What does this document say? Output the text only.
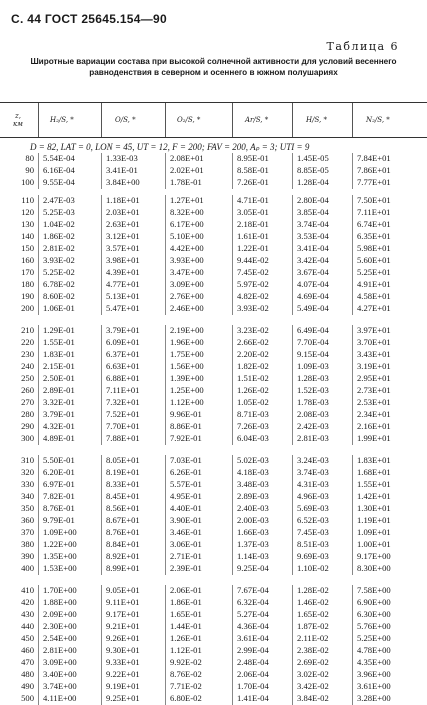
С. 44 ГОСТ 25645.154—90
Таблица 6
Широтные вариации состава при высокой солнечной активности для условий весеннего равноденствия в северном и осеннего в южном полушариях
z,
км	H₂/S, *	O/S, *	O₂/S, *	Ar/S, *	H/S, *	N₂/S, *
D = 82, LAT = 0, LON = 45, UT = 12, F = 200; FAV = 200, Aₚ = 3; UTI = 9
80 5.54E-04	1.33E-03	2.08E+01	8.95E-01	1.45E-05	7.84E+01
90 6.16E-04	3.41E-01	2.02E+01	8.58E-01	8.85E-05	7.86E+01
100 9.55E-04	3.84E+00	1.78E-01	7.26E-01	1.28E-04	7.77E+01
110 2.47E-03	1.18E+01	1.27E+01	4.71E-01	2.80E-04	7.50E+01
120 5.25E-03	2.03E+01	8.32E+00	3.05E-01	3.85E-04	7.11E+01
130 1.04E-02	2.63E+01	6.17E+00	2.18E-01	3.74E-04	6.74E+01
140 1.86E-02	3.12E+01	5.10E+00	1.61E-01	3.53E-04	6.35E+01
150 2.81E-02	3.57E+01	4.42E+00	1.22E-01	3.41E-04	5.98E+01
160 3.93E-02	3.98E+01	3.93E+00	9.44E-02	3.42E-04	5.60E+01
170 5.25E-02	4.39E+01	3.47E+00	7.45E-02	3.67E-04	5.25E+01
180 6.78E-02	4.77E+01	3.09E+00	5.97E-02	4.07E-04	4.91E+01
190 8.60E-02	5.13E+01	2.76E+00	4.82E-02	4.69E-04	4.58E+01
200 1.06E-01	5.47E+01	2.46E+00	3.93E-02	5.49E-04	4.27E+01
210 1.29E-01	3.79E+01	2.19E+00	3.23E-02	6.49E-04	3.97E+01
220 1.55E-01	6.09E+01	1.96E+00	2.66E-02	7.70E-04	3.70E+01
230 1.83E-01	6.37E+01	1.75E+00	2.20E-02	9.15E-04	3.43E+01
240 2.15E-01	6.63E+01	1.56E+00	1.82E-02	1.09E-03	3.19E+01
250 2.50E-01	6.88E+01	1.39E+00	1.51E-02	1.28E-03	2.95E+01
260 2.89E-01	7.11E+01	1.25E+00	1.26E-02	1.52E-03	2.73E+01
270 3.32E-01	7.32E+01	1.12E+00	1.05E-02	1.78E-03	2.53E+01
280 3.79E-01	7.52E+01	9.96E-01	8.71E-03	2.08E-03	2.34E+01
290 4.32E-01	7.70E+01	8.86E-01	7.26E-03	2.42E-03	2.16E+01
300 4.89E-01	7.88E+01	7.92E-01	6.04E-03	2.81E-03	1.99E+01
310 5.50E-01	8.05E+01	7.03E-01	5.02E-03	3.24E-03	1.83E+01
320 6.20E-01	8.19E+01	6.26E-01	4.18E-03	3.74E-03	1.68E+01
330 6.97E-01	8.33E+01	5.57E-01	3.48E-03	4.31E-03	1.55E+01
340 7.82E-01	8.45E+01	4.95E-01	2.89E-03	4.96E-03	1.42E+01
350 8.76E-01	8.56E+01	4.40E-01	2.40E-03	5.69E-03	1.30E+01
360 9.79E-01	8.67E+01	3.90E-01	2.00E-03	6.52E-03	1.19E+01
370 1.09E+00	8.76E+01	3.46E-01	1.66E-03	7.45E-03	1.09E+01
380 1.22E+00	8.84E+01	3.06E-01	1.37E-03	8.51E-03	1.00E+01
390 1.35E+00	8.92E+01	2.71E-01	1.14E-03	9.69E-03	9.17E+00
400 1.53E+00	8.99E+01	2.39E-01	9.25E-04	1.10E-02	8.30E+00
410 1.70E+00	9.05E+01	2.06E-01	7.67E-04	1.28E-02	7.58E+00
420 1.88E+00	9.11E+01	1.86E-01	6.32E-04	1.46E-02	6.90E+00
430 2.09E+00	9.17E+01	1.65E-01	5.27E-04	1.65E-02	6.30E+00
440 2.30E+00	9.21E+01	1.44E-01	4.36E-04	1.87E-02	5.76E+00
450 2.54E+00	9.26E+01	1.26E-01	3.61E-04	2.11E-02	5.25E+00
460 2.81E+00	9.30E+01	1.12E-01	2.99E-04	2.38E-02	4.78E+00
470 3.09E+00	9.33E+01	9.92E-02	2.48E-04	2.69E-02	4.35E+00
480 3.40E+00	9.22E+01	8.76E-02	2.06E-04	3.02E-02	3.96E+00
490 3.74E+00	9.19E+01	7.71E-02	1.70E-04	3.42E-02	3.61E+00
500 4.11E+00	9.25E+01	6.80E-02	1.41E-04	3.84E-02	3.28E+00
